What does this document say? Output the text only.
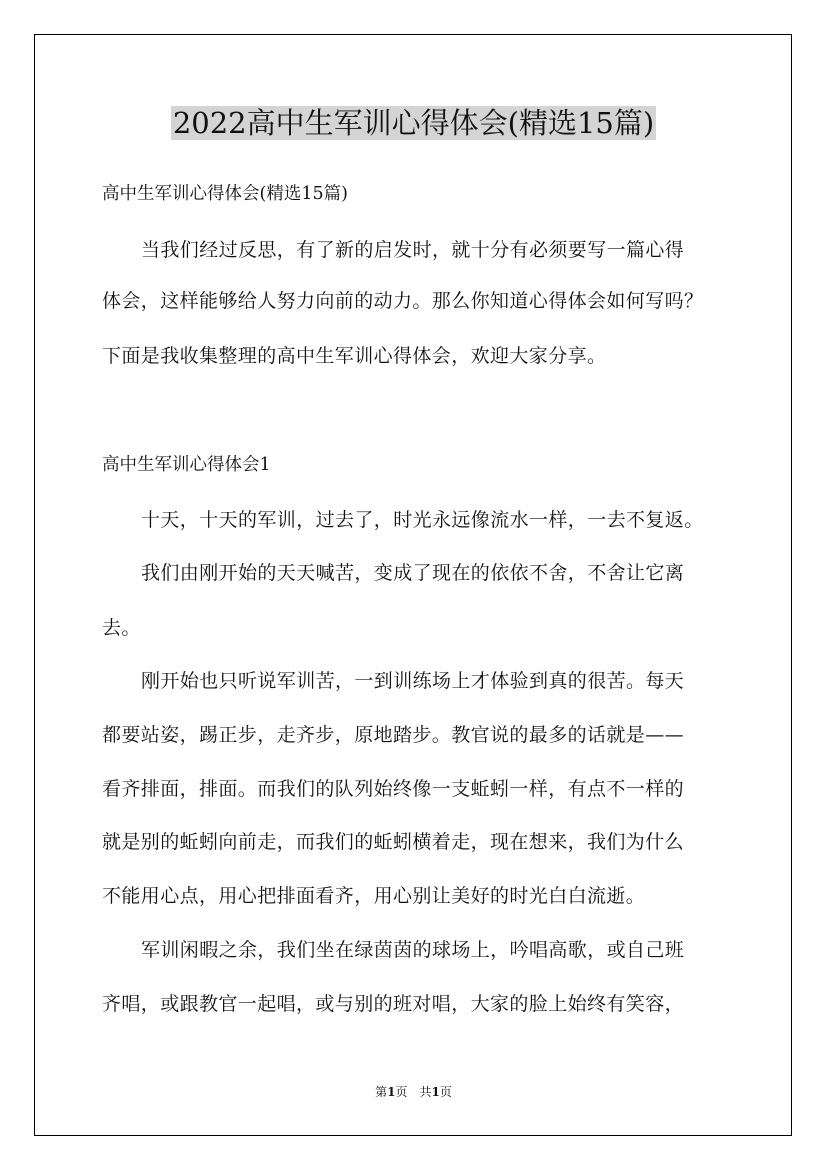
2022高中生军训心得体会(精选15篇)
高中生军训心得体会(精选15篇)
当我们经过反思，有了新的启发时，就十分有必须要写一篇心得
体会，这样能够给人努力向前的动力。那么你知道心得体会如何写吗？
下面是我收集整理的高中生军训心得体会，欢迎大家分享。
高中生军训心得体会1
十天，十天的军训，过去了，时光永远像流水一样，一去不复返。
我们由刚开始的天天喊苦，变成了现在的依依不舍，不舍让它离
去。
刚开始也只听说军训苦，一到训练场上才体验到真的很苦。每天
都要站姿，踢正步，走齐步，原地踏步。教官说的最多的话就是——
看齐排面，排面。而我们的队列始终像一支蚯蚓一样，有点不一样的
就是别的蚯蚓向前走，而我们的蚯蚓横着走，现在想来，我们为什么
不能用心点，用心把排面看齐，用心别让美好的时光白白流逝。
军训闲暇之余，我们坐在绿茵茵的球场上，吟唱高歌，或自己班
齐唱，或跟教官一起唱，或与别的班对唱，大家的脸上始终有笑容，
第1页　共1页
